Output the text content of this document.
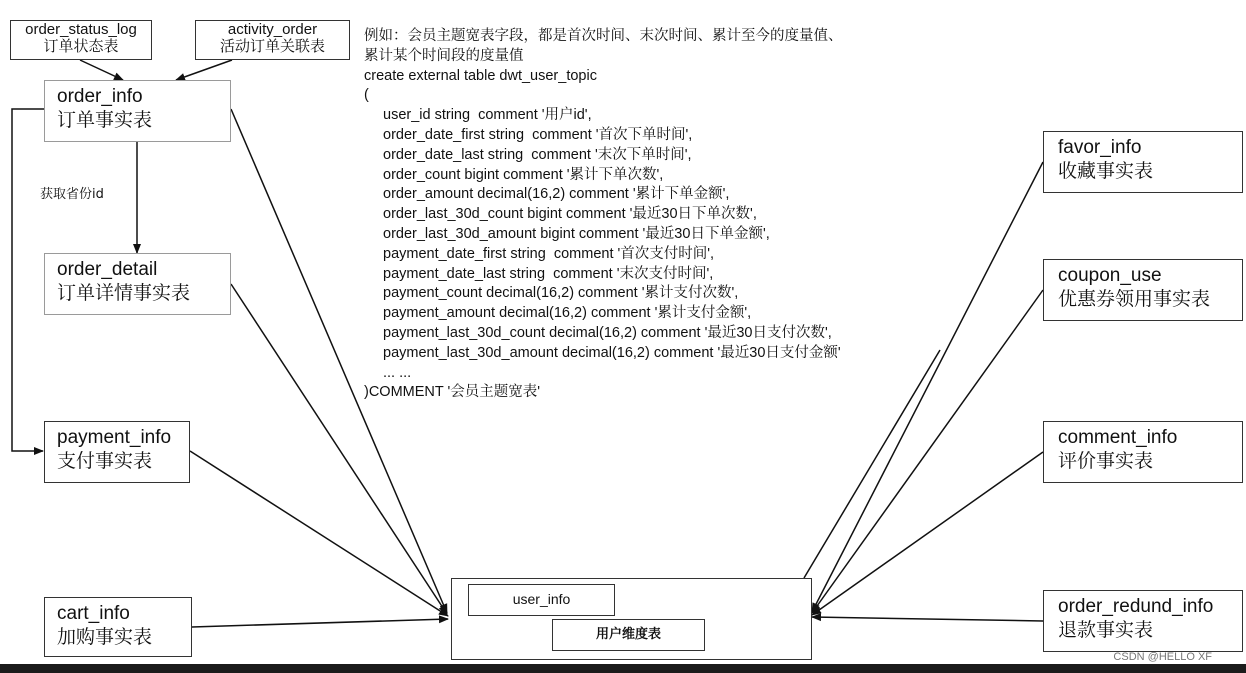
order_status_log
订单状态表
activity_order
活动订单关联表
order_info
订单事实表
获取省份id
order_detail
订单详情事实表
payment_info
支付事实表
cart_info
加购事实表
favor_info
收藏事实表
coupon_use
优惠券领用事实表
comment_info
评价事实表
order_redund_info
退款事实表
user_info
用户维度表
例如：会员主题宽表字段，都是首次时间、末次时间、累计至今的度量值、
累计某个时间段的度量值
create external table dwt_user_topic
(
user_id string  comment '用户id',
order_date_first string  comment '首次下单时间',
order_date_last string  comment '末次下单时间',
order_count bigint comment '累计下单次数',
order_amount decimal(16,2) comment '累计下单金额',
order_last_30d_count bigint comment '最近30日下单次数',
order_last_30d_amount bigint comment '最近30日下单金额',
payment_date_first string  comment '首次支付时间',
payment_date_last string  comment '末次支付时间',
payment_count decimal(16,2) comment '累计支付次数',
payment_amount decimal(16,2) comment '累计支付金额',
payment_last_30d_count decimal(16,2) comment '最近30日支付次数',
payment_last_30d_amount decimal(16,2) comment '最近30日支付金额'
... ...
)COMMENT '会员主题宽表'
CSDN @HELLO XF
